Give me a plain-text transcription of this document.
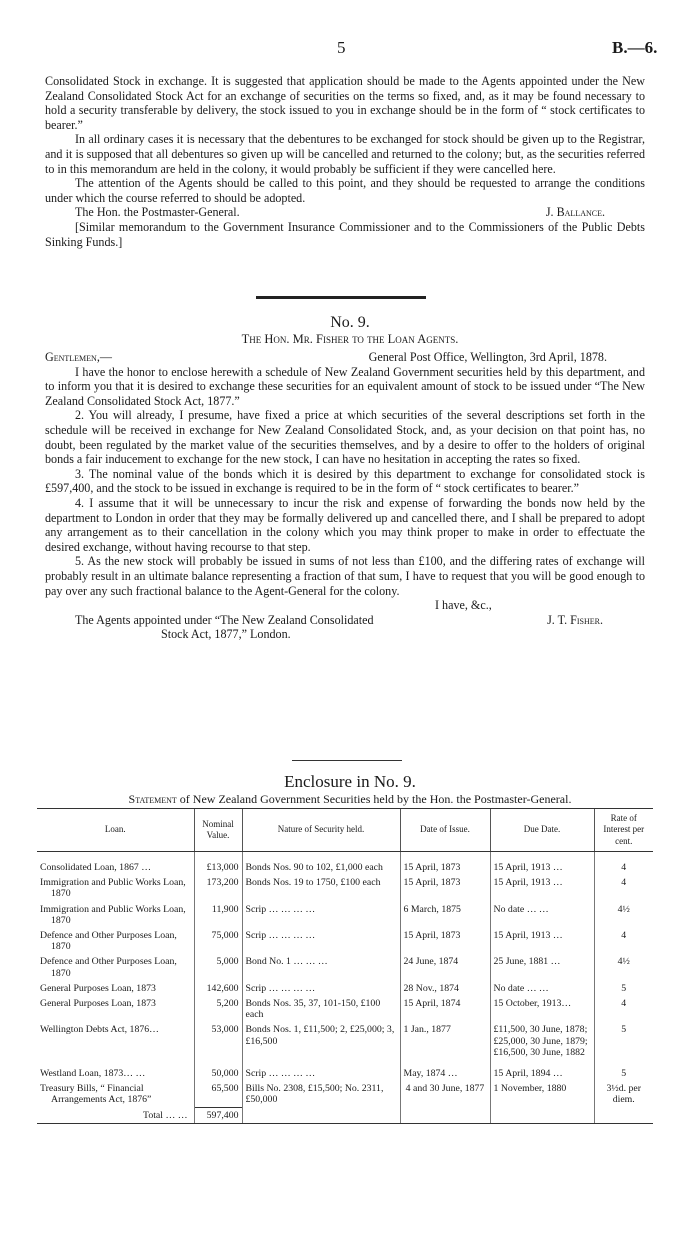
5	B.—6.

Consolidated Stock in exchange. It is suggested that application should be made to the Agents appointed under the New Zealand Consolidated Stock Act for an exchange of securities on the terms so fixed, and, as it may be found necessary to hold a security transferable by delivery, the stock issued to you in exchange should be in the form of “ stock certificates to bearer.”

In all ordinary cases it is necessary that the debentures to be exchanged for stock should be given up to the Registrar, and it is supposed that all debentures so given up will be cancelled and returned to the colony; but, as the securities referred to in this memorandum are held in the colony, it would probably be sufficient if they were cancelled here.

The attention of the Agents should be called to this point, and they should be requested to arrange the conditions under which the course referred to should be adopted.

The Hon. the Postmaster-General.	J. Ballance.

[Similar memorandum to the Government Insurance Commissioner and to the Commissioners of the Public Debts Sinking Funds.]

No. 9.
The Hon. Mr. Fisher to the Loan Agents.
Gentlemen,—	General Post Office, Wellington, 3rd April, 1878.

I have the honor to enclose herewith a schedule of New Zealand Government securities held by this department, and to inform you that it is desired to exchange these securities for an equivalent amount of stock to be issued under “The New Zealand Consolidated Stock Act, 1877.”

2. You will already, I presume, have fixed a price at which securities of the several descriptions set forth in the schedule will be received in exchange for New Zealand Consolidated Stock, and, as your decision on that point has, no doubt, been regulated by the market value of the securities themselves, and by a desire to offer to the holders of original bonds a fair inducement to exchange for the new stock, I can have no hesitation in accepting the rates so fixed.

3. The nominal value of the bonds which it is desired by this department to exchange for consolidated stock is £597,400, and the stock to be issued in exchange is required to be in the form of “ stock certificates to bearer.”

4. I assume that it will be unnecessary to incur the risk and expense of forwarding the bonds now held by the department to London in order that they may be formally delivered up and cancelled there, and I shall be prepared to adopt any arrangement as to their cancellation in the colony which you may think proper to make in order to effectuate the desired exchange, without having recourse to that step.

5. As the new stock will probably be issued in sums of not less than £100, and the differing rates of exchange will probably result in an ultimate balance representing a fraction of that sum, I have to request that you will be good enough to pay over any such fractional balance to the Agent-General for the colony.

I have, &c.,
The Agents appointed under “The New Zealand Consolidated	J. T. Fisher.
Stock Act, 1877,” London.
Enclosure in No. 9.
Statement of New Zealand Government Securities held by the Hon. the Postmaster-General.
Loan.	Nominal Value.	Nature of Security held.	Date of Issue.	Due Date.	Rate of Interest per cent.

Consolidated Loan, 1867 …	£13,000	Bonds Nos. 90 to 102, £1,000 each	15 April, 1873	15 April, 1913 …	4
Immigration and Public Works Loan, 1870	173,200	Bonds Nos. 19 to 1750, £100 each	15 April, 1873	15 April, 1913 …	4
Immigration and Public Works Loan, 1870	11,900	Scrip … … … …	6 March, 1875	No date … …	4½
Defence and Other Purposes Loan, 1870	75,000	Scrip … … … …	15 April, 1873	15 April, 1913 …	4
Defence and Other Purposes Loan, 1870	5,000	Bond No. 1 … … …	24 June, 1874	25 June, 1881 …	4½
General Purposes Loan, 1873	142,600	Scrip … … … …	28 Nov., 1874	No date … …	5
General Purposes Loan, 1873	5,200	Bonds Nos. 35, 37, 101-150, £100 each	15 April, 1874	15 October, 1913…	4
Wellington Debts Act, 1876…	53,000	Bonds Nos. 1, £11,500; 2, £25,000; 3, £16,500	1 Jan., 1877	£11,500, 30 June, 1878; £25,000, 30 June, 1879; £16,500, 30 June, 1882	5
Westland Loan, 1873… …	50,000	Scrip … … … …	May, 1874 …	15 April, 1894 …	5
Treasury Bills, “ Financial Arrangements Act, 1876”	65,500	Bills No. 2308, £15,500; No. 2311, £50,000	4 and 30 June, 1877	1 November, 1880	3½d. per diem.
Total … …	597,400				
